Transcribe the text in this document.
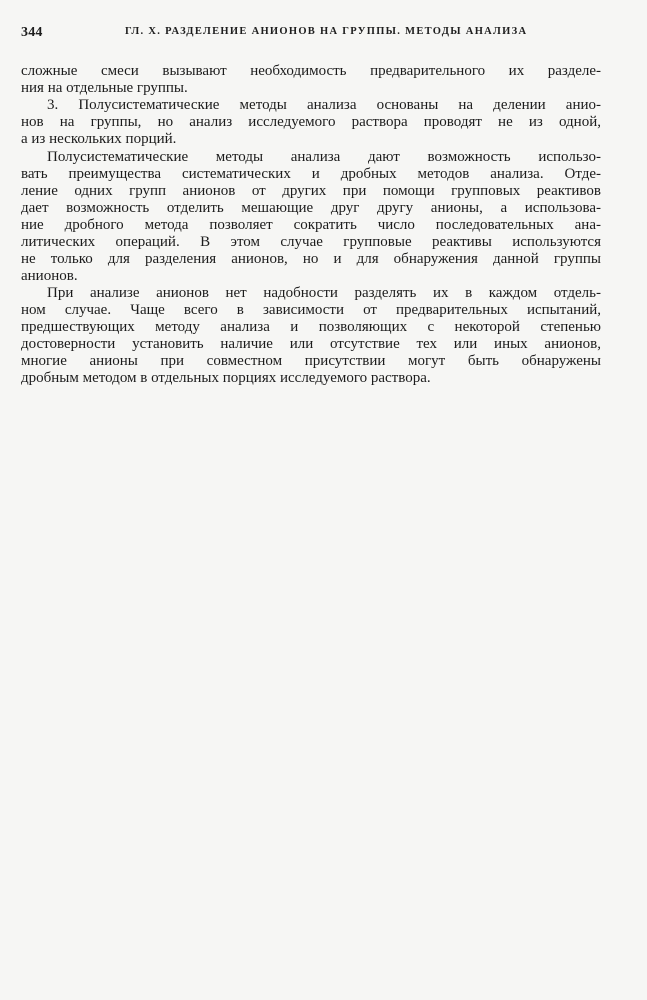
344	ГЛ. X. РАЗДЕЛЕНИЕ АНИОНОВ НА ГРУППЫ. МЕТОДЫ АНАЛИЗА
сложные смеси вызывают необходимость предварительного их разделе-
ния на отдельные группы.
3. Полусистематические методы анализа основаны на делении анио-
нов на группы, но анализ исследуемого раствора проводят не из одной,
а из нескольких порций.
Полусистематические методы анализа дают возможность использо-
вать преимущества систематических и дробных методов анализа. Отде-
ление одних групп анионов от других при помощи групповых реактивов
дает возможность отделить мешающие друг другу анионы, а использова-
ние дробного метода позволяет сократить число последовательных ана-
литических операций. В этом случае групповые реактивы используются
не только для разделения анионов, но и для обнаружения данной группы
анионов.
При анализе анионов нет надобности разделять их в каждом отдель-
ном случае. Чаще всего в зависимости от предварительных испытаний,
предшествующих методу анализа и позволяющих с некоторой степенью
достоверности установить наличие или отсутствие тех или иных анионов,
многие анионы при совместном присутствии могут быть обнаружены
дробным методом в отдельных порциях исследуемого раствора.
